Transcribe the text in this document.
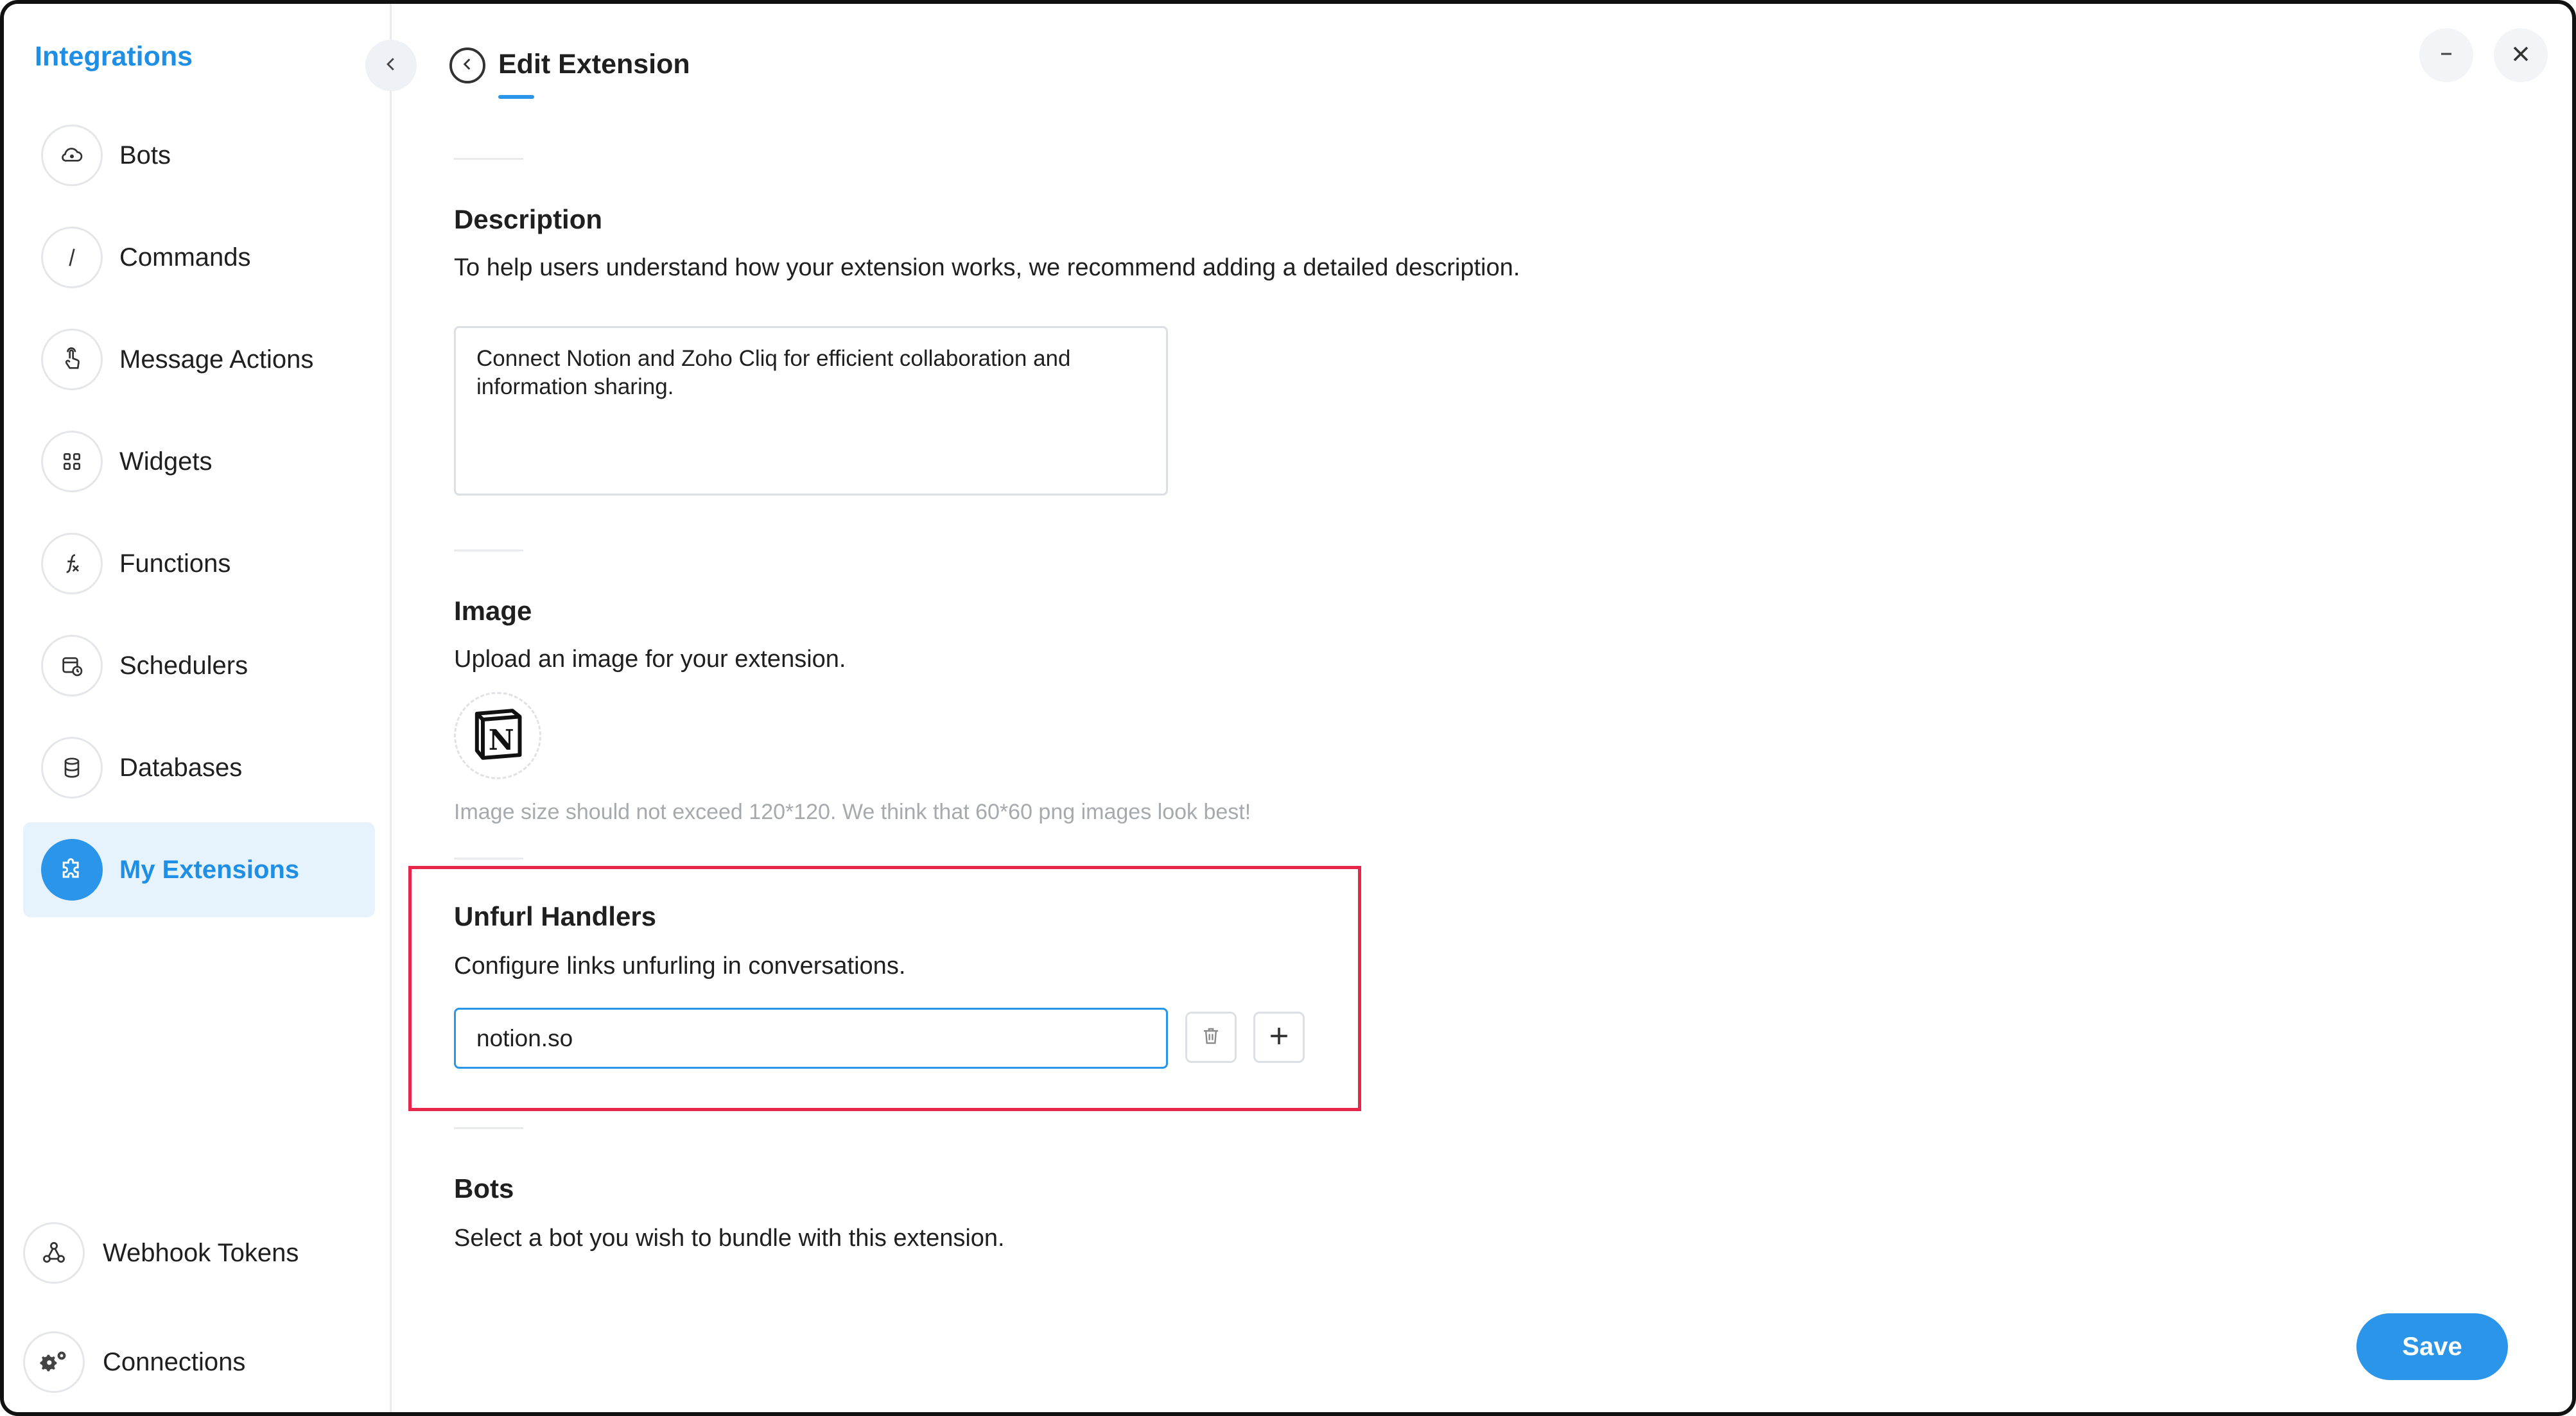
Integrations
Bots
Commands
Message Actions
Widgets
Functions
Schedulers
Databases
My Extensions
Webhook Tokens
Connections
Edit Extension
Description
To help users understand how your extension works, we recommend adding a detailed description.
Connect Notion and Zoho Cliq for efficient collaboration and information sharing.
Image
Upload an image for your extension.
N
Image size should not exceed 120*120. We think that 60*60 png images look best!
Unfurl Handlers
Configure links unfurling in conversations.
notion.so
Bots
Select a bot you wish to bundle with this extension.
Save
